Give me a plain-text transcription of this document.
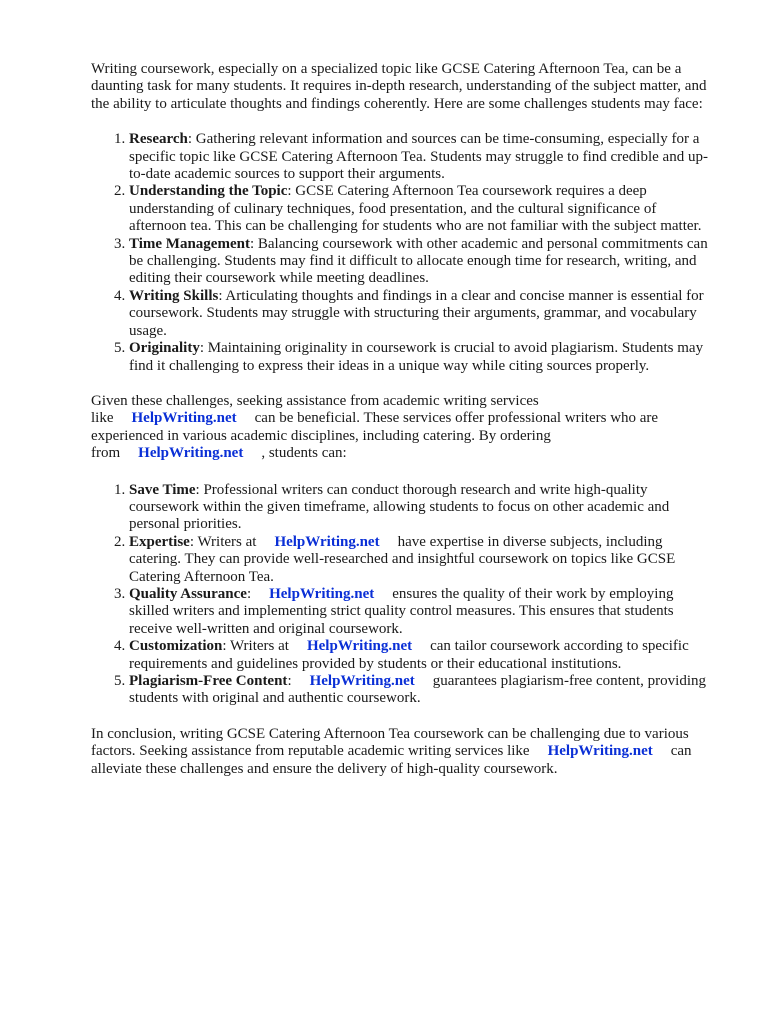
Writing coursework, especially on a specialized topic like GCSE Catering Afternoon Tea, can be a daunting task for many students. It requires in-depth research, understanding of the subject matter, and the ability to articulate thoughts and findings coherently. Here are some challenges students may face:

1. Research: Gathering relevant information and sources can be time-consuming, especially for a specific topic like GCSE Catering Afternoon Tea. Students may struggle to find credible and up-to-date academic sources to support their arguments.
2. Understanding the Topic: GCSE Catering Afternoon Tea coursework requires a deep understanding of culinary techniques, food presentation, and the cultural significance of afternoon tea. This can be challenging for students who are not familiar with the subject matter.
3. Time Management: Balancing coursework with other academic and personal commitments can be challenging. Students may find it difficult to allocate enough time for research, writing, and editing their coursework while meeting deadlines.
4. Writing Skills: Articulating thoughts and findings in a clear and concise manner is essential for coursework. Students may struggle with structuring their arguments, grammar, and vocabulary usage.
5. Originality: Maintaining originality in coursework is crucial to avoid plagiarism. Students may find it challenging to express their ideas in a unique way while citing sources properly.

Given these challenges, seeking assistance from academic writing services like HelpWriting.net can be beneficial. These services offer professional writers who are experienced in various academic disciplines, including catering. By ordering from HelpWriting.net , students can:

1. Save Time: Professional writers can conduct thorough research and write high-quality coursework within the given timeframe, allowing students to focus on other academic and personal priorities.
2. Expertise: Writers at HelpWriting.net have expertise in diverse subjects, including catering. They can provide well-researched and insightful coursework on topics like GCSE Catering Afternoon Tea.
3. Quality Assurance: HelpWriting.net ensures the quality of their work by employing skilled writers and implementing strict quality control measures. This ensures that students receive well-written and original coursework.
4. Customization: Writers at HelpWriting.net can tailor coursework according to specific requirements and guidelines provided by students or their educational institutions.
5. Plagiarism-Free Content: HelpWriting.net guarantees plagiarism-free content, providing students with original and authentic coursework.

In conclusion, writing GCSE Catering Afternoon Tea coursework can be challenging due to various factors. Seeking assistance from reputable academic writing services like HelpWriting.net can alleviate these challenges and ensure the delivery of high-quality coursework.
